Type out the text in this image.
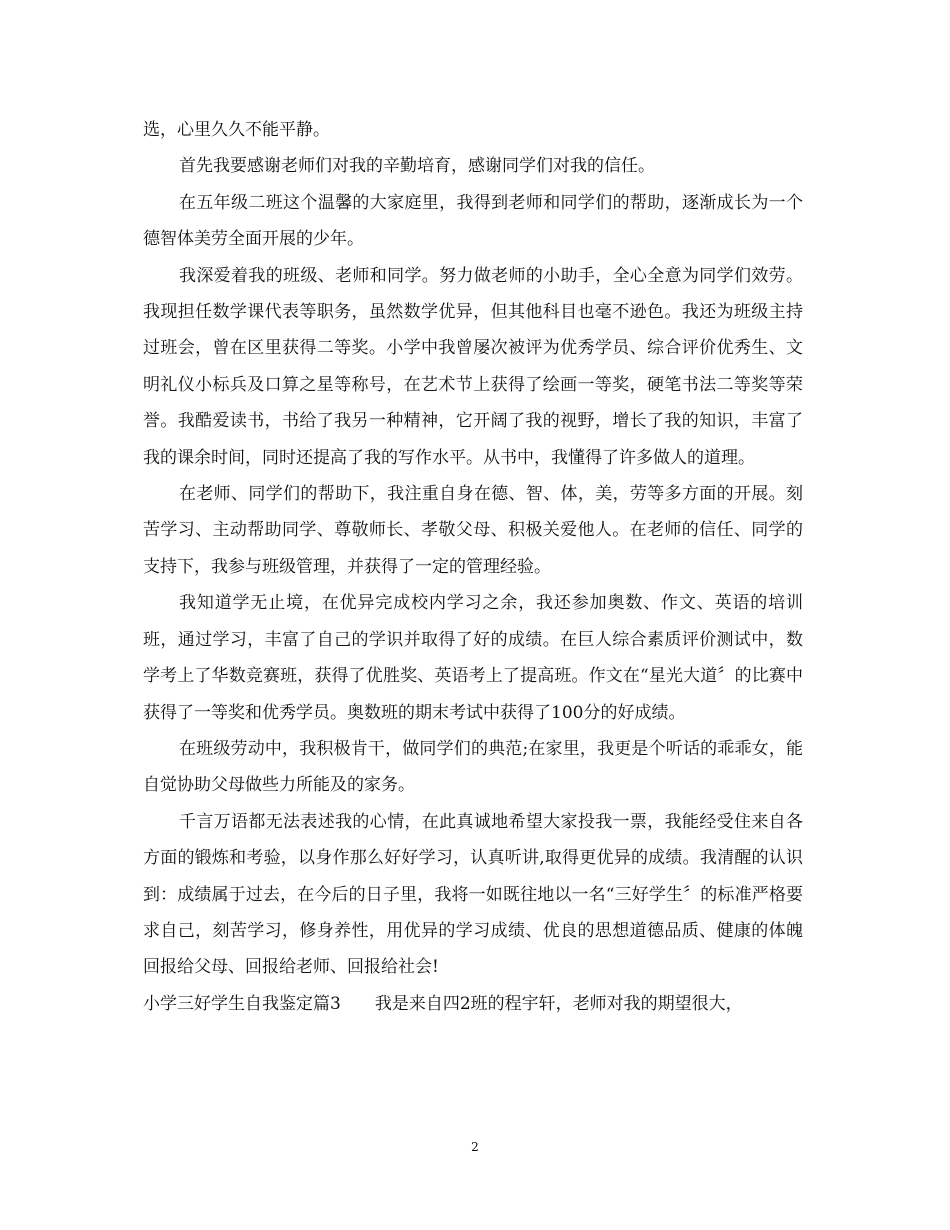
选，心里久久不能平静。

首先我要感谢老师们对我的辛勤培育，感谢同学们对我的信任。

在五年级二班这个温馨的大家庭里，我得到老师和同学们的帮助，逐渐成长为一个德智体美劳全面开展的少年。

我深爱着我的班级、老师和同学。努力做老师的小助手，全心全意为同学们效劳。我现担任数学课代表等职务，虽然数学优异，但其他科目也毫不逊色。我还为班级主持过班会，曾在区里获得二等奖。小学中我曾屡次被评为优秀学员、综合评价优秀生、文明礼仪小标兵及口算之星等称号，在艺术节上获得了绘画一等奖，硬笔书法二等奖等荣誉。我酷爱读书，书给了我另一种精神，它开阔了我的视野，增长了我的知识，丰富了我的课余时间，同时还提高了我的写作水平。从书中，我懂得了许多做人的道理。

在老师、同学们的帮助下，我注重自身在德、智、体，美，劳等多方面的开展。刻苦学习、主动帮助同学、尊敬师长、孝敬父母、积极关爱他人。在老师的信任、同学的支持下，我参与班级管理，并获得了一定的管理经验。

我知道学无止境，在优异完成校内学习之余，我还参加奥数、作文、英语的培训班，通过学习，丰富了自己的学识并取得了好的成绩。在巨人综合素质评价测试中，数学考上了华数竞赛班，获得了优胜奖、英语考上了提高班。作文在“星光大道〞的比赛中获得了一等奖和优秀学员。奥数班的期末考试中获得了100分的好成绩。

在班级劳动中，我积极肯干，做同学们的典范;在家里，我更是个听话的乖乖女，能自觉协助父母做些力所能及的家务。

千言万语都无法表述我的心情，在此真诚地希望大家投我一票，我能经受住来自各方面的锻炼和考验，以身作那么好好学习，认真听讲,取得更优异的成绩。我清醒的认识到：成绩属于过去，在今后的日子里，我将一如既往地以一名“三好学生〞的标准严格要求自己，刻苦学习，修身养性，用优异的学习成绩、优良的思想道德品质、健康的体魄回报给父母、回报给老师、回报给社会!

小学三好学生自我鉴定篇3　　我是来自四2班的程宇轩，老师对我的期望很大，

2
